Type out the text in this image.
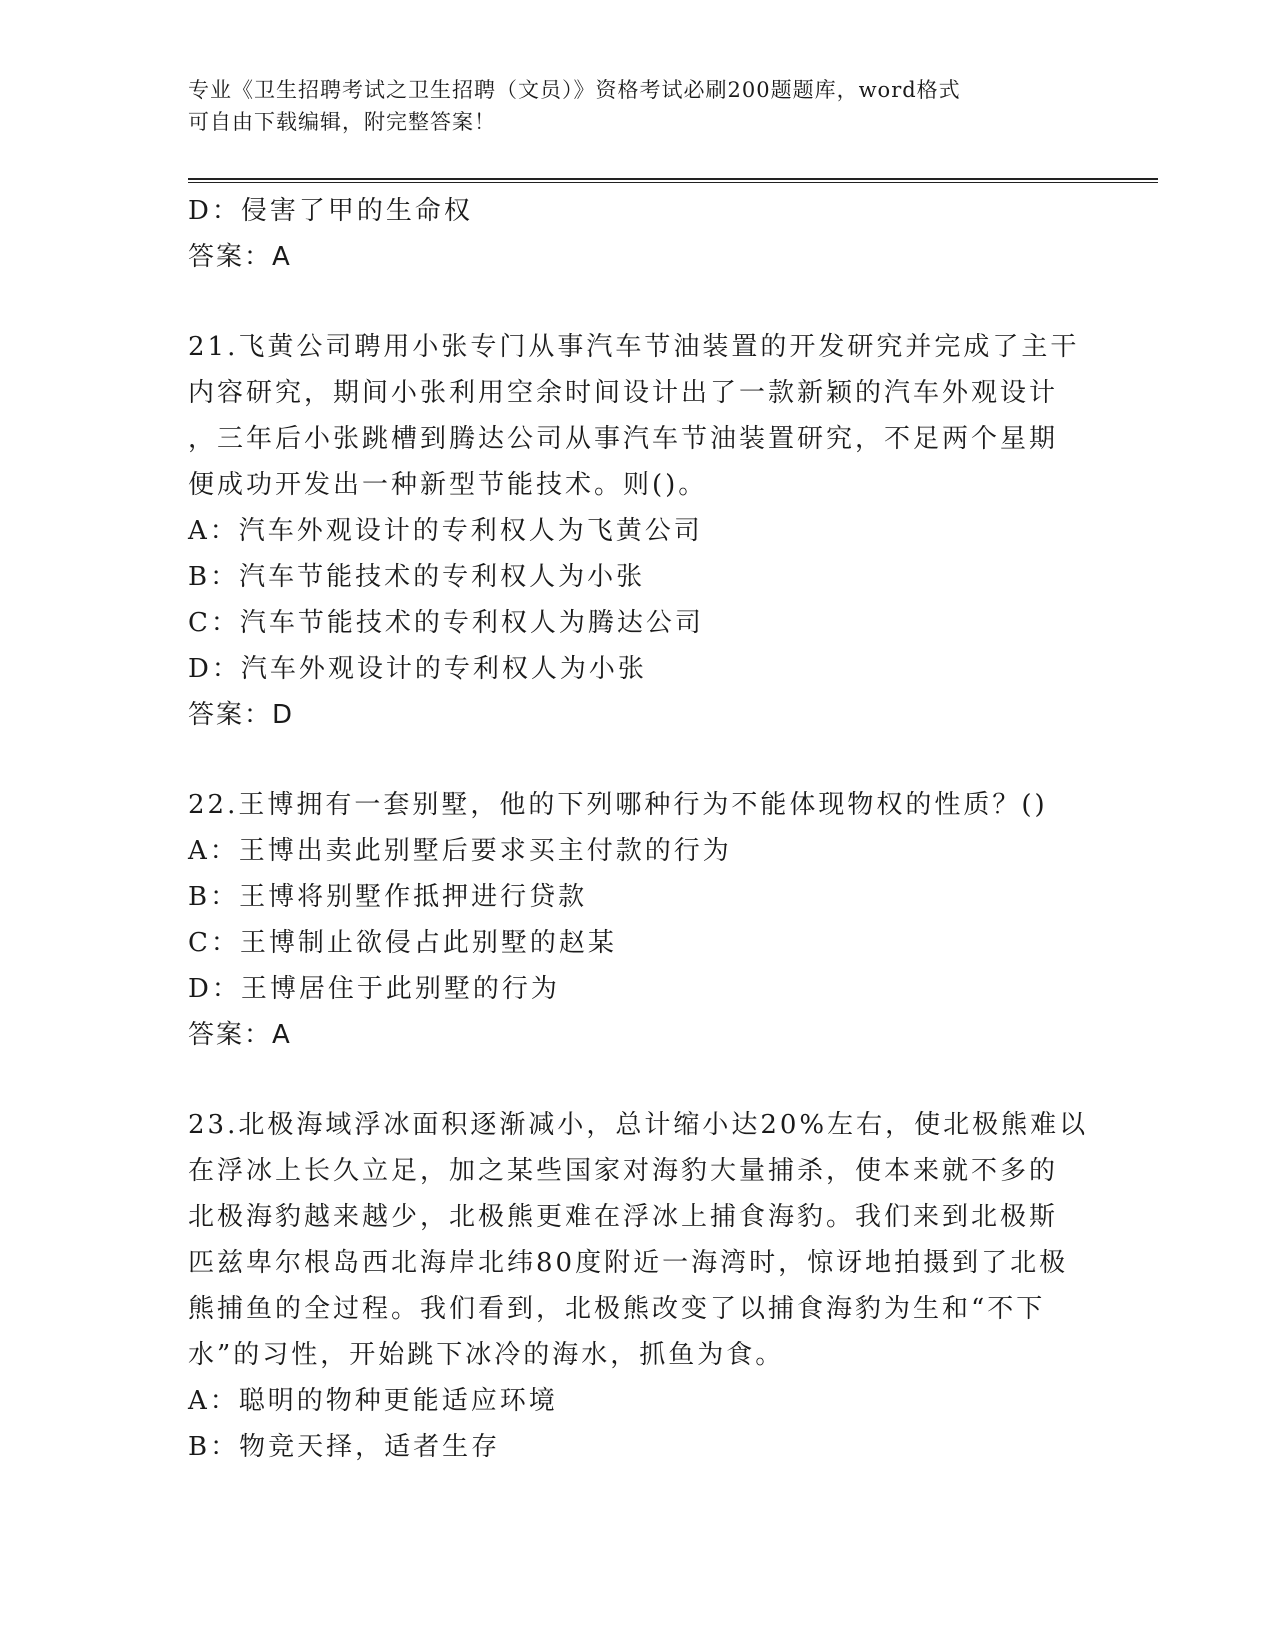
专业《卫生招聘考试之卫生招聘（文员）》资格考试必刷200题题库，word格式
可自由下载编辑，附完整答案！
D：侵害了甲的生命权
答案：A
21.飞黄公司聘用小张专门从事汽车节油装置的开发研究并完成了主干
内容研究，期间小张利用空余时间设计出了一款新颖的汽车外观设计
，三年后小张跳槽到腾达公司从事汽车节油装置研究，不足两个星期
便成功开发出一种新型节能技术。则()。
A：汽车外观设计的专利权人为飞黄公司
B：汽车节能技术的专利权人为小张
C：汽车节能技术的专利权人为腾达公司
D：汽车外观设计的专利权人为小张
答案：D
22.王博拥有一套别墅，他的下列哪种行为不能体现物权的性质？()
A：王博出卖此别墅后要求买主付款的行为
B：王博将别墅作抵押进行贷款
C：王博制止欲侵占此别墅的赵某
D：王博居住于此别墅的行为
答案：A
23.北极海域浮冰面积逐渐减小，总计缩小达20%左右，使北极熊难以
在浮冰上长久立足，加之某些国家对海豹大量捕杀，使本来就不多的
北极海豹越来越少，北极熊更难在浮冰上捕食海豹。我们来到北极斯
匹兹卑尔根岛西北海岸北纬80度附近一海湾时，惊讶地拍摄到了北极
熊捕鱼的全过程。我们看到，北极熊改变了以捕食海豹为生和“不下
水”的习性，开始跳下冰冷的海水，抓鱼为食。
A：聪明的物种更能适应环境
B：物竞天择，适者生存
